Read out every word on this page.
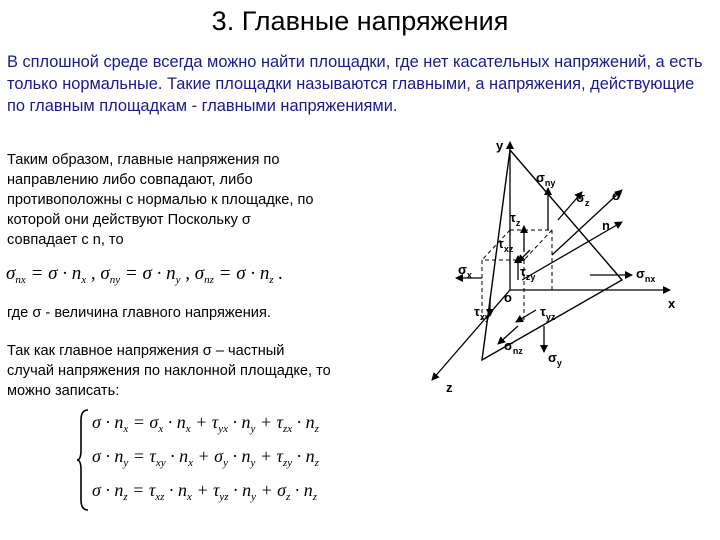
3. Главные напряжения
В сплошной среде всегда можно найти площадки, где нет касательных напряжений, а есть только нормальные. Такие площадки называются главными, а напряжения, действующие по главным площадкам - главными напряжениями.
Таким образом, главные напряжения по
направлению либо совпадают, либо
противоположны с нормалью к площадке, по
которой они действуют Поскольку σ
совпадает с n, то
$\sigma_{nx} = \sigma \cdot n_x$ , $\sigma_{ny} = \sigma \cdot n_y$ , $\sigma_{nz} = \sigma \cdot n_z$ .
где σ - величина главного напряжения.
Так как главное напряжения σ – частный
случай напряжения по наклонной площадке, то
можно записать:
$\sigma \cdot n_x = \sigma_x \cdot n_x + \tau_{yx} \cdot n_y + \tau_{zx} \cdot n_z$
$\sigma \cdot n_y = \tau_{xy} \cdot n_x + \sigma_y \cdot n_y + \tau_{zy} \cdot n_z$
$\sigma \cdot n_z = \tau_{xz} \cdot n_x + \tau_{yz} \cdot n_y + \sigma_z \cdot n_z$
y
x
z
n
o
σ
$\sigma_{ny}$
$\sigma_z$
$\tau_z$
$\tau_{xz}$
$\sigma_x$	$\tau_{zy}$	$\sigma_{nx}$
$\tau_{xy}$	$\tau_{yz}$
$\sigma_{nz}$ $\sigma_y$
